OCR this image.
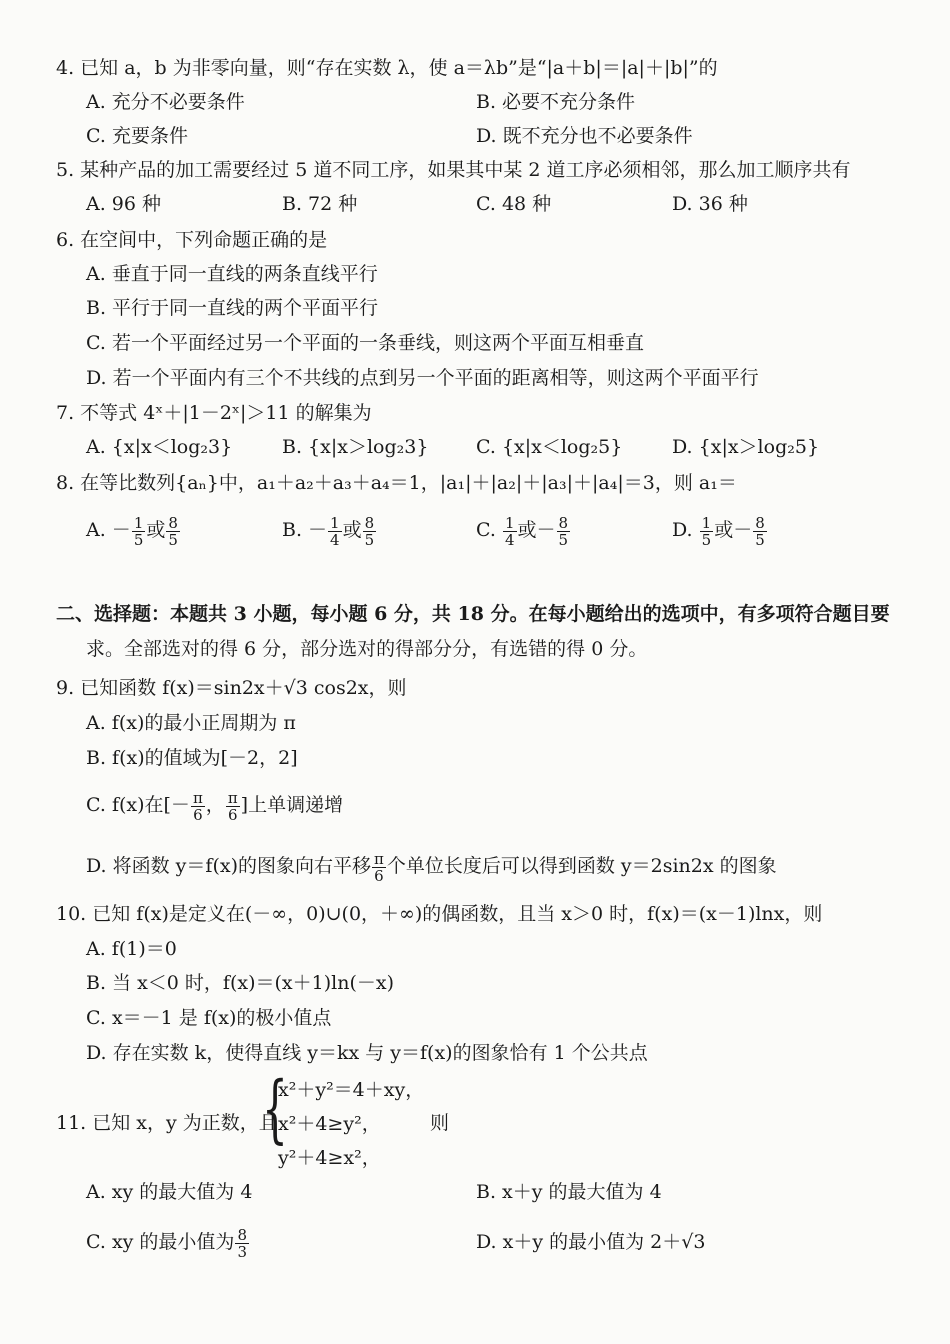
4. 已知 a，b 为非零向量，则“存在实数 λ，使 a＝λb”是“|a＋b|＝|a|＋|b|”的
A. 充分不必要条件	B. 必要不充分条件
C. 充要条件	D. 既不充分也不必要条件
5. 某种产品的加工需要经过 5 道不同工序，如果其中某 2 道工序必须相邻，那么加工顺序共有
A. 96 种	B. 72 种	C. 48 种	D. 36 种
6. 在空间中，下列命题正确的是
A. 垂直于同一直线的两条直线平行
B. 平行于同一直线的两个平面平行
C. 若一个平面经过另一个平面的一条垂线，则这两个平面互相垂直
D. 若一个平面内有三个不共线的点到另一个平面的距离相等，则这两个平面平行
7. 不等式 4ˣ＋|1－2ˣ|＞11 的解集为
A. {x|x＜log₂3}	B. {x|x＞log₂3}	C. {x|x＜log₂5}	D. {x|x＞log₂5}
8. 在等比数列{aₙ}中，a₁＋a₂＋a₃＋a₄＝1，|a₁|＋|a₂|＋|a₃|＋|a₄|＝3，则 a₁＝
A. － $\frac{1}{5}$ 或 $\frac{8}{5}$	B. － $\frac{1}{4}$ 或 $\frac{8}{5}$	C. $\frac{1}{4}$ 或－ $\frac{8}{5}$	D. $\frac{1}{5}$ 或－ $\frac{8}{5}$
二、选择题：本题共 3 小题，每小题 6 分，共 18 分。在每小题给出的选项中，有多项符合题目要
求。全部选对的得 6 分，部分选对的得部分分，有选错的得 0 分。
9. 已知函数 f(x)＝sin2x＋√3 cos2x，则
A. f(x)的最小正周期为 π
B. f(x)的值域为[－2，2]
C. f(x)在[－ $\frac{\pi}{6}$ ， $\frac{\pi}{6}$ ]上单调递增
D. 将函数 y＝f(x)的图象向右平移 $\frac{\pi}{6}$ 个单位长度后可以得到函数 y＝2sin2x 的图象
10. 已知 f(x)是定义在(－∞，0)∪(0，＋∞)的偶函数，且当 x＞0 时，f(x)＝(x－1)lnx，则
A. f(1)＝0
B. 当 x＜0 时，f(x)＝(x＋1)ln(－x)
C. x＝－1 是 f(x)的极小值点
D. 存在实数 k，使得直线 y＝kx 与 y＝f(x)的图象恰有 1 个公共点
11. 已知 x，y 为正数，且
{
x²＋y²＝4＋xy，
x²＋4≥y²，
y²＋4≥x²，
则
A. xy 的最大值为 4	B. x＋y 的最大值为 4
C. xy 的最小值为 $\frac{8}{3}$	D. x＋y 的最小值为 2＋√3
